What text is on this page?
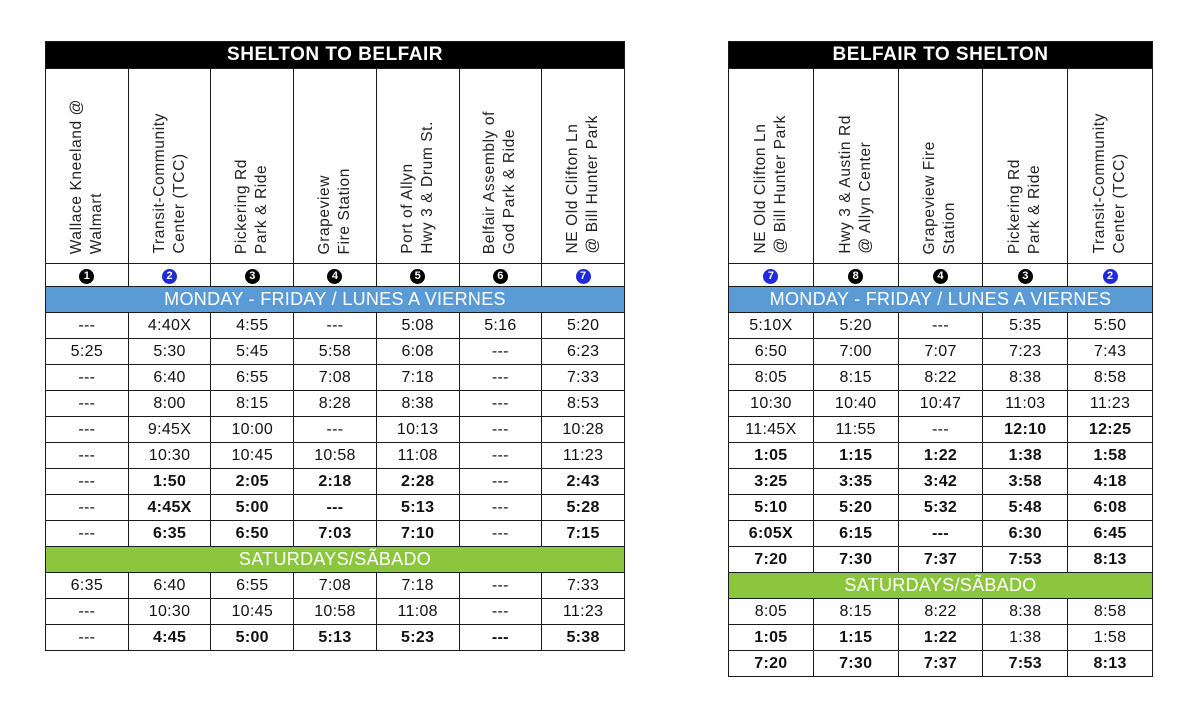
SHELTON TO BELFAIR						
Wallace Kneeland @
Walmart	Transit-Community
Center (TCC)	Pickering Rd
Park & Ride	Grapeview
Fire Station	Port of Allyn
Hwy 3 & Drum St.	Belfair Assembly of
God Park & Ride	NE Old Clifton Ln
@ Bill Hunter Park
1	2	3	4	5	6	7
MONDAY - FRIDAY / LUNES A VIERNES						
---	4:40X	4:55	---	5:08	5:16	5:20
5:25	5:30	5:45	5:58	6:08	---	6:23
---	6:40	6:55	7:08	7:18	---	7:33
---	8:00	8:15	8:28	8:38	---	8:53
---	9:45X	10:00	---	10:13	---	10:28
---	10:30	10:45	10:58	11:08	---	11:23
---	1:50	2:05	2:18	2:28	---	2:43
---	4:45X	5:00	---	5:13	---	5:28
---	6:35	6:50	7:03	7:10	---	7:15
SATURDAYS/SÃBADO						
6:35	6:40	6:55	7:08	7:18	---	7:33
---	10:30	10:45	10:58	11:08	---	11:23
---	4:45	5:00	5:13	5:23	---	5:38
BELFAIR TO SHELTON				
NE Old Clifton Ln
@ Bill Hunter Park	Hwy 3 & Austin Rd
@ Allyn Center	Grapeview Fire
Station	Pickering Rd
Park & Ride	Transit-Community
Center (TCC)
7	8	4	3	2
MONDAY - FRIDAY / LUNES A VIERNES				
5:10X	5:20	---	5:35	5:50
6:50	7:00	7:07	7:23	7:43
8:05	8:15	8:22	8:38	8:58
10:30	10:40	10:47	11:03	11:23
11:45X	11:55	---	12:10	12:25
1:05	1:15	1:22	1:38	1:58
3:25	3:35	3:42	3:58	4:18
5:10	5:20	5:32	5:48	6:08
6:05X	6:15	---	6:30	6:45
7:20	7:30	7:37	7:53	8:13
SATURDAYS/SÃBADO				
8:05	8:15	8:22	8:38	8:58
1:05	1:15	1:22	1:38	1:58
7:20	7:30	7:37	7:53	8:13
